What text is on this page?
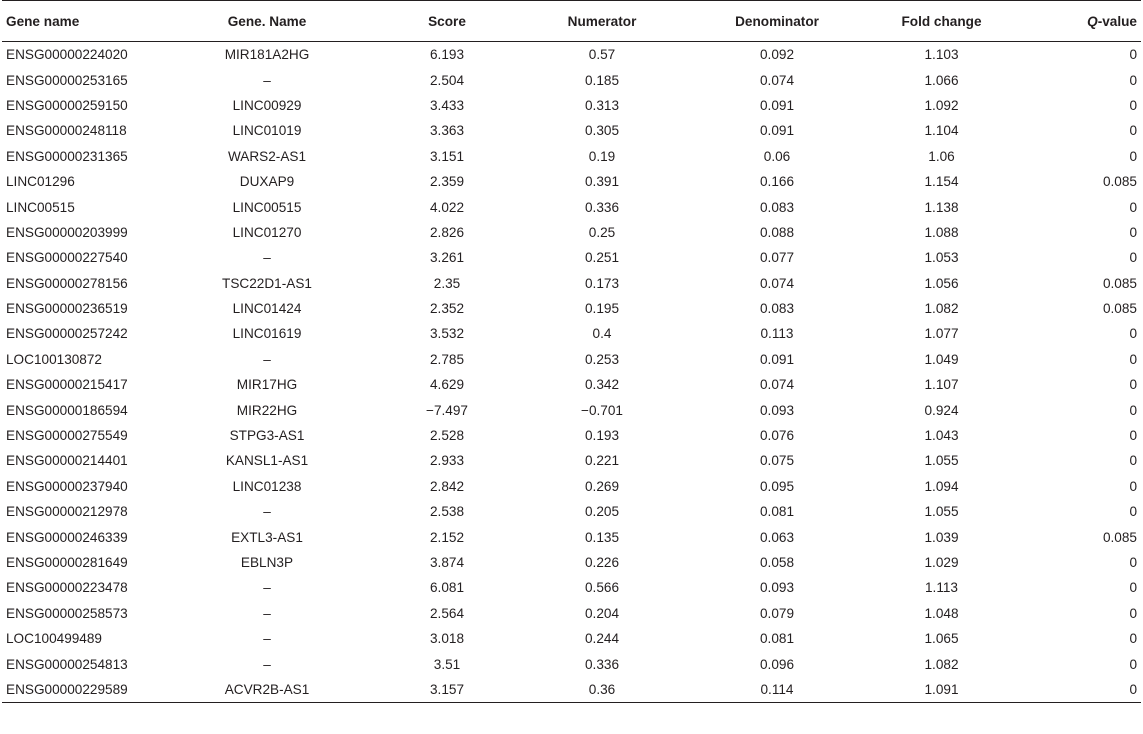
Gene name	Gene. Name	Score	Numerator	Denominator	Fold change	Q-value
ENSG00000224020	MIR181A2HG	6.193	0.57	0.092	1.103	0
ENSG00000253165	–	2.504	0.185	0.074	1.066	0
ENSG00000259150	LINC00929	3.433	0.313	0.091	1.092	0
ENSG00000248118	LINC01019	3.363	0.305	0.091	1.104	0
ENSG00000231365	WARS2-AS1	3.151	0.19	0.06	1.06	0
LINC01296	DUXAP9	2.359	0.391	0.166	1.154	0.085
LINC00515	LINC00515	4.022	0.336	0.083	1.138	0
ENSG00000203999	LINC01270	2.826	0.25	0.088	1.088	0
ENSG00000227540	–	3.261	0.251	0.077	1.053	0
ENSG00000278156	TSC22D1-AS1	2.35	0.173	0.074	1.056	0.085
ENSG00000236519	LINC01424	2.352	0.195	0.083	1.082	0.085
ENSG00000257242	LINC01619	3.532	0.4	0.113	1.077	0
LOC100130872	–	2.785	0.253	0.091	1.049	0
ENSG00000215417	MIR17HG	4.629	0.342	0.074	1.107	0
ENSG00000186594	MIR22HG	−7.497	−0.701	0.093	0.924	0
ENSG00000275549	STPG3-AS1	2.528	0.193	0.076	1.043	0
ENSG00000214401	KANSL1-AS1	2.933	0.221	0.075	1.055	0
ENSG00000237940	LINC01238	2.842	0.269	0.095	1.094	0
ENSG00000212978	–	2.538	0.205	0.081	1.055	0
ENSG00000246339	EXTL3-AS1	2.152	0.135	0.063	1.039	0.085
ENSG00000281649	EBLN3P	3.874	0.226	0.058	1.029	0
ENSG00000223478	–	6.081	0.566	0.093	1.113	0
ENSG00000258573	–	2.564	0.204	0.079	1.048	0
LOC100499489	–	3.018	0.244	0.081	1.065	0
ENSG00000254813	–	3.51	0.336	0.096	1.082	0
ENSG00000229589	ACVR2B-AS1	3.157	0.36	0.114	1.091	0
